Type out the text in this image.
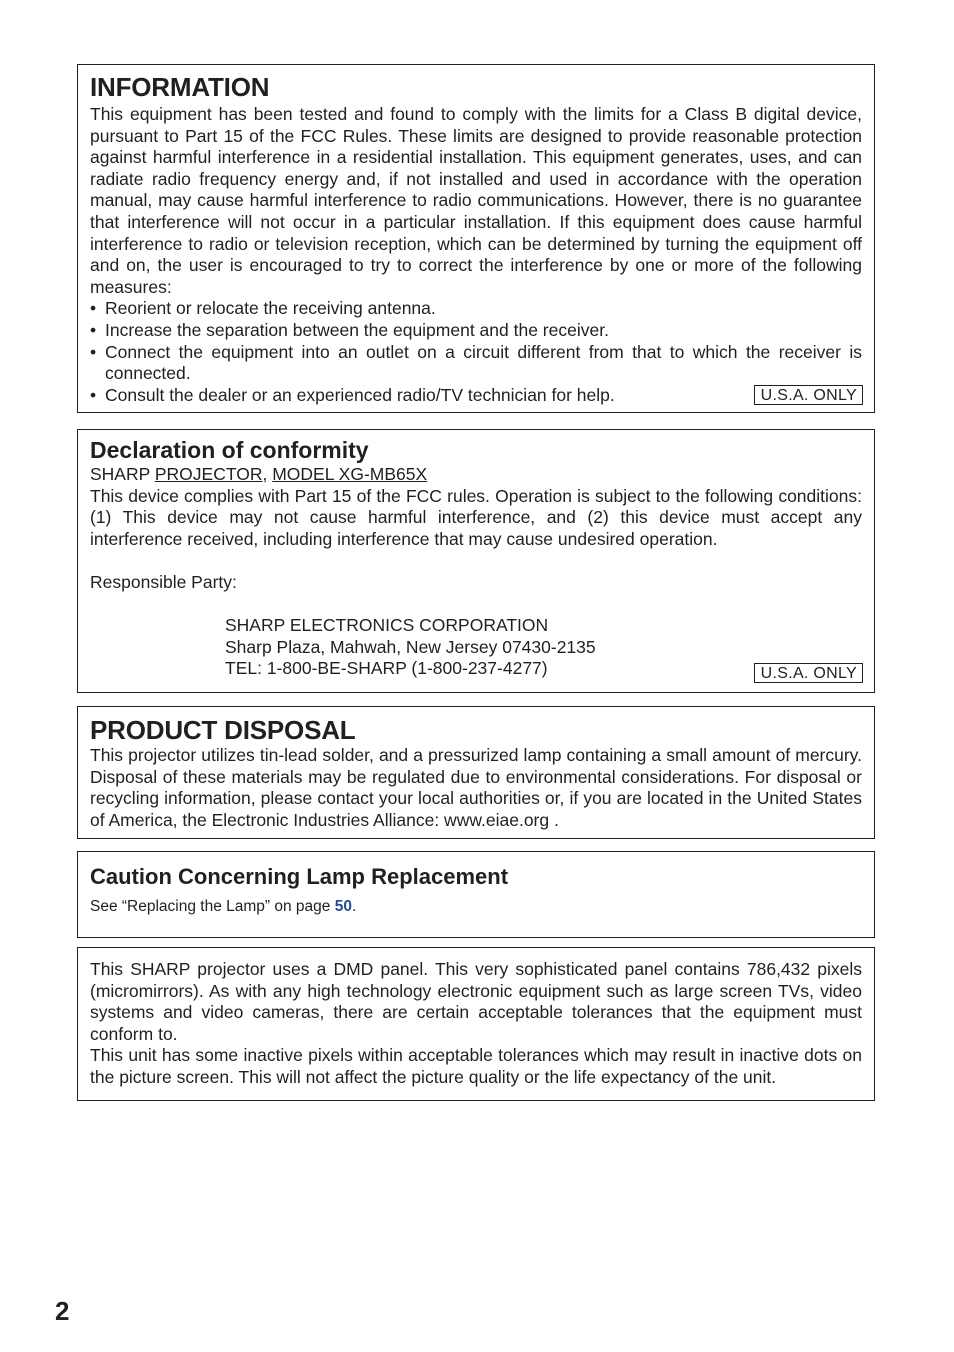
INFORMATION

This equipment has been tested and found to comply with the limits for a Class B digital device, pursuant to Part 15 of the FCC Rules. These limits are designed to provide reasonable protection against harmful interference in a residential installation. This equipment generates, uses, and can radiate radio frequency energy and, if not installed and used in accordance with the operation manual, may cause harmful interference to radio communications. However, there is no guarantee that interference will not occur in a particular installation. If this equipment does cause harmful interference to radio or television reception, which can be determined by turning the equipment off and on, the user is encouraged to try to correct the interference by one or more of the following measures:

• Reorient or relocate the receiving antenna.
• Increase the separation between the equipment and the receiver.
• Connect the equipment into an outlet on a circuit different from that to which the receiver is connected.
• Consult the dealer or an experienced radio/TV technician for help.	U.S.A. ONLY
Declaration of conformity

SHARP PROJECTOR, MODEL XG-MB65X

This device complies with Part 15 of the FCC rules. Operation is subject to the following conditions: (1) This device may not cause harmful interference, and (2) this device must accept any interference received, including interference that may cause undesired operation.

Responsible Party:

SHARP ELECTRONICS CORPORATION
Sharp Plaza, Mahwah, New Jersey 07430-2135
TEL: 1-800-BE-SHARP (1-800-237-4277)	U.S.A. ONLY
PRODUCT DISPOSAL

This projector utilizes tin-lead solder, and a pressurized lamp containing a small amount of mercury. Disposal of these materials may be regulated due to environmental considerations. For disposal or recycling information, please contact your local authorities or, if you are located in the United States of America, the Electronic Industries Alliance: www.eiae.org .

Caution Concerning Lamp Replacement

See “Replacing the Lamp” on page 50.

This SHARP projector uses a DMD panel. This very sophisticated panel contains 786,432 pixels (micromirrors). As with any high technology electronic equipment such as large screen TVs, video systems and video cameras, there are certain acceptable tolerances that the equipment must conform to.

This unit has some inactive pixels within acceptable tolerances which may result in inactive dots on the picture screen. This will not affect the picture quality or the life expectancy of the unit.

2
